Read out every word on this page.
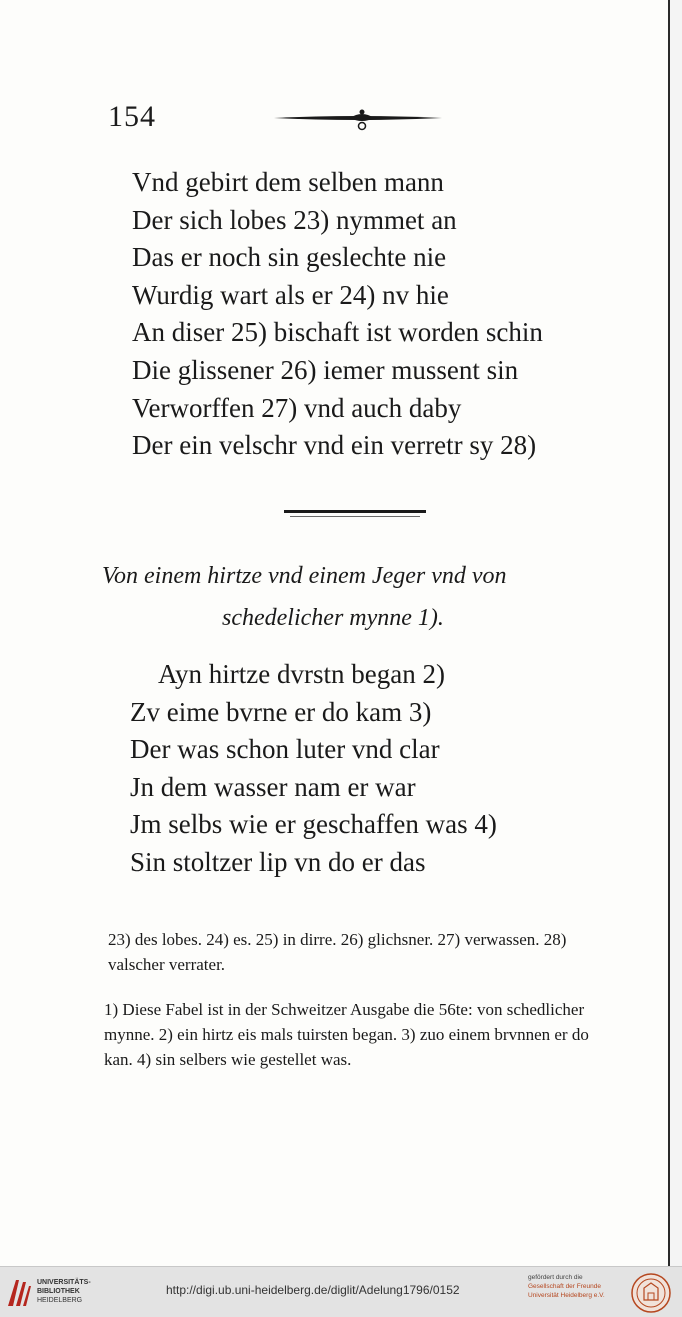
154
Vnd gebirt dem selben mann
Der sich lobes 23) nymmet an
Das er noch sin geslechte nie
Wurdig wart als er 24) nv hie
An diser 25) bischaft ist worden schin
Die glissener 26) iemer mussent sin
Verworffen 27) vnd auch daby
Der ein velschr vnd ein verretr sy 28)
Von einem hirtze vnd einem Jeger vnd von
schedelicher mynne 1).
Ayn hirtze dvrstn began 2)
Zv eime bvrne er do kam 3)
Der was schon luter vnd clar
Jn dem wasser nam er war
Jm selbs wie er geschaffen was 4)
Sin stoltzer lip vn do er das
23) des lobes. 24) es. 25) in dirre. 26) glichsner. 27) verwassen. 28) valscher verrater.
1) Diese Fabel ist in der Schweitzer Ausgabe die 56te: von schedlicher mynne. 2) ein hirtz eis mals tuirsten began. 3) zuo einem brvnnen er do kan. 4) sin selbers wie gestellet was.
UNIVERSITÄTS-
BIBLIOTHEK
HEIDELBERG
http://digi.ub.uni-heidelberg.de/diglit/Adelung1796/0152
gefördert durch die
Gesellschaft der Freunde
Universität Heidelberg e.V.
